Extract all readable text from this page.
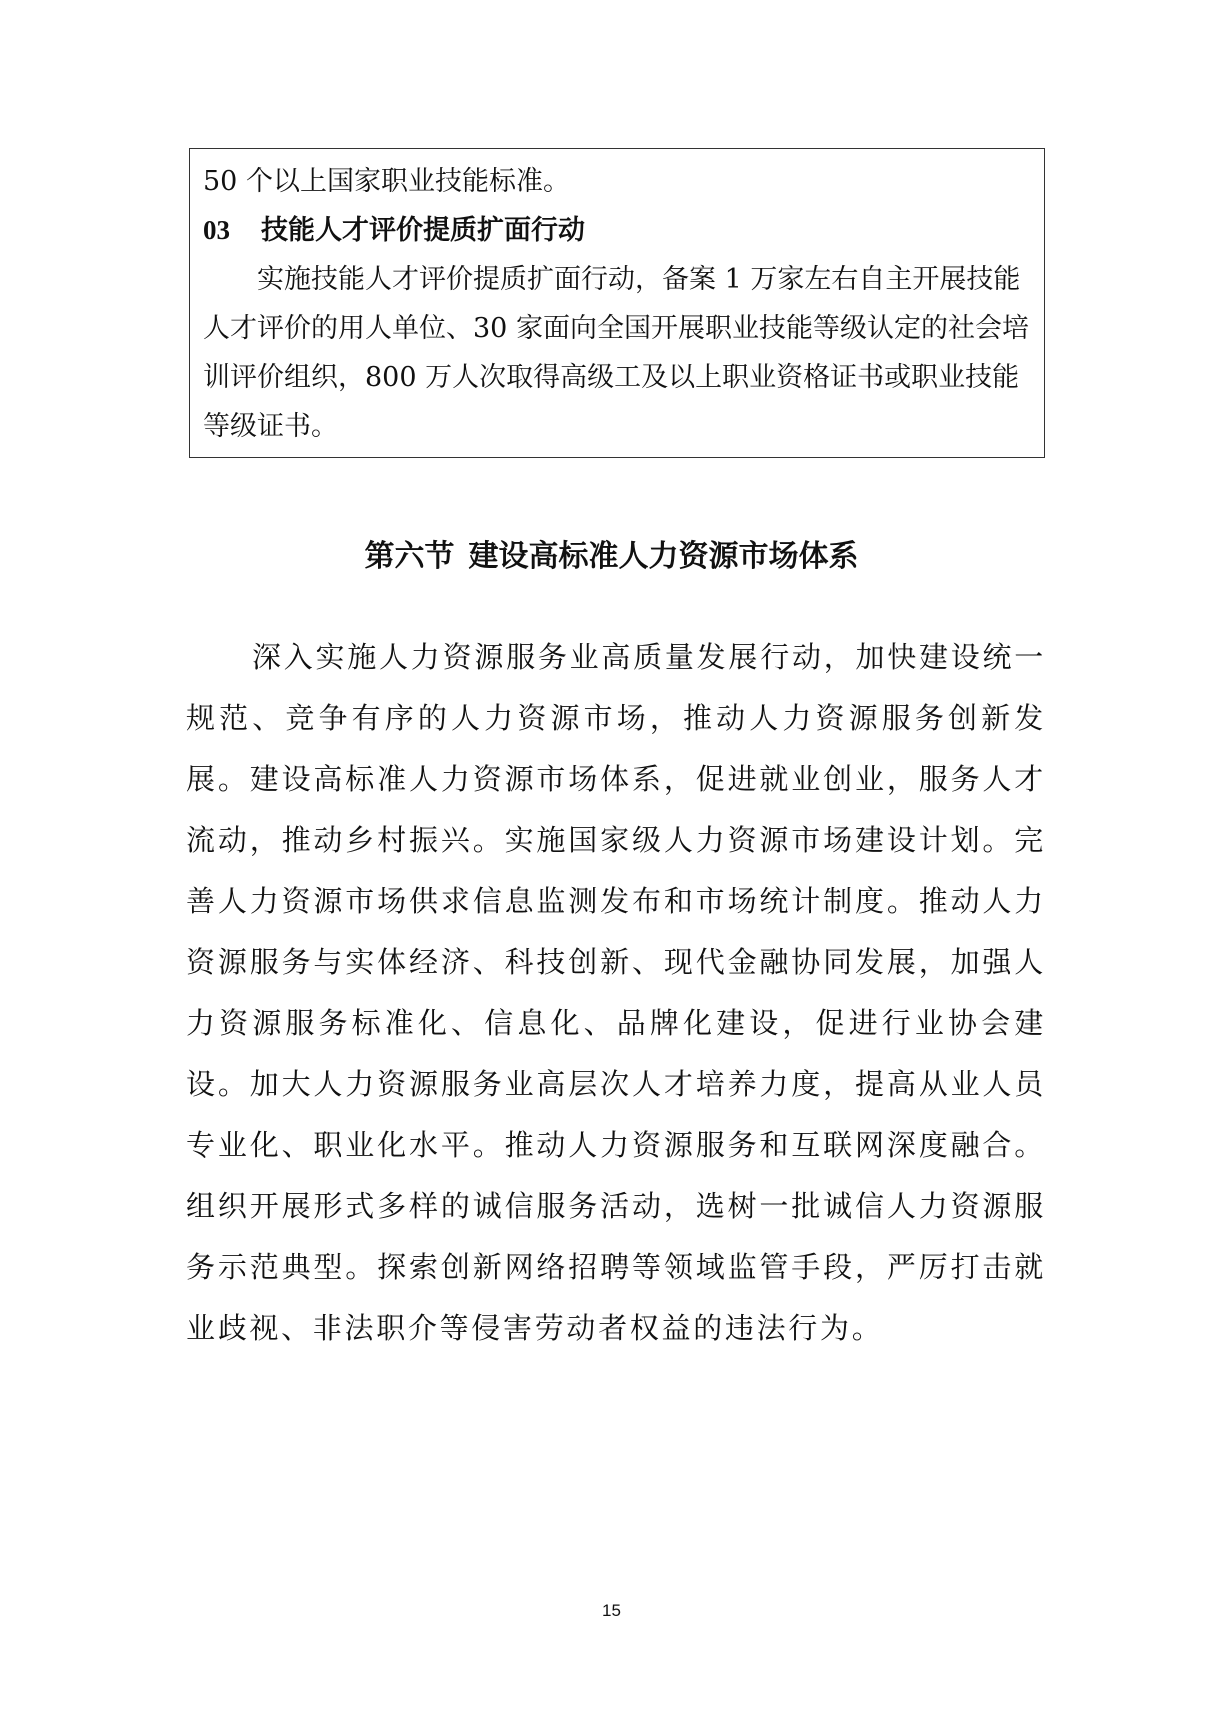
50 个以上国家职业技能标准。

03 技能人才评价提质扩面行动

实施技能人才评价提质扩面行动，备案 1 万家左右自主开展技能人才评价的用人单位、30 家面向全国开展职业技能等级认定的社会培训评价组织，800 万人次取得高级工及以上职业资格证书或职业技能等级证书。

第六节 建设高标准人力资源市场体系

深入实施人力资源服务业高质量发展行动，加快建设统一规范、竞争有序的人力资源市场，推动人力资源服务创新发展。建设高标准人力资源市场体系，促进就业创业，服务人才流动，推动乡村振兴。实施国家级人力资源市场建设计划。完善人力资源市场供求信息监测发布和市场统计制度。推动人力资源服务与实体经济、科技创新、现代金融协同发展，加强人力资源服务标准化、信息化、品牌化建设，促进行业协会建设。加大人力资源服务业高层次人才培养力度，提高从业人员专业化、职业化水平。推动人力资源服务和互联网深度融合。组织开展形式多样的诚信服务活动，选树一批诚信人力资源服务示范典型。探索创新网络招聘等领域监管手段，严厉打击就业歧视、非法职介等侵害劳动者权益的违法行为。

15
